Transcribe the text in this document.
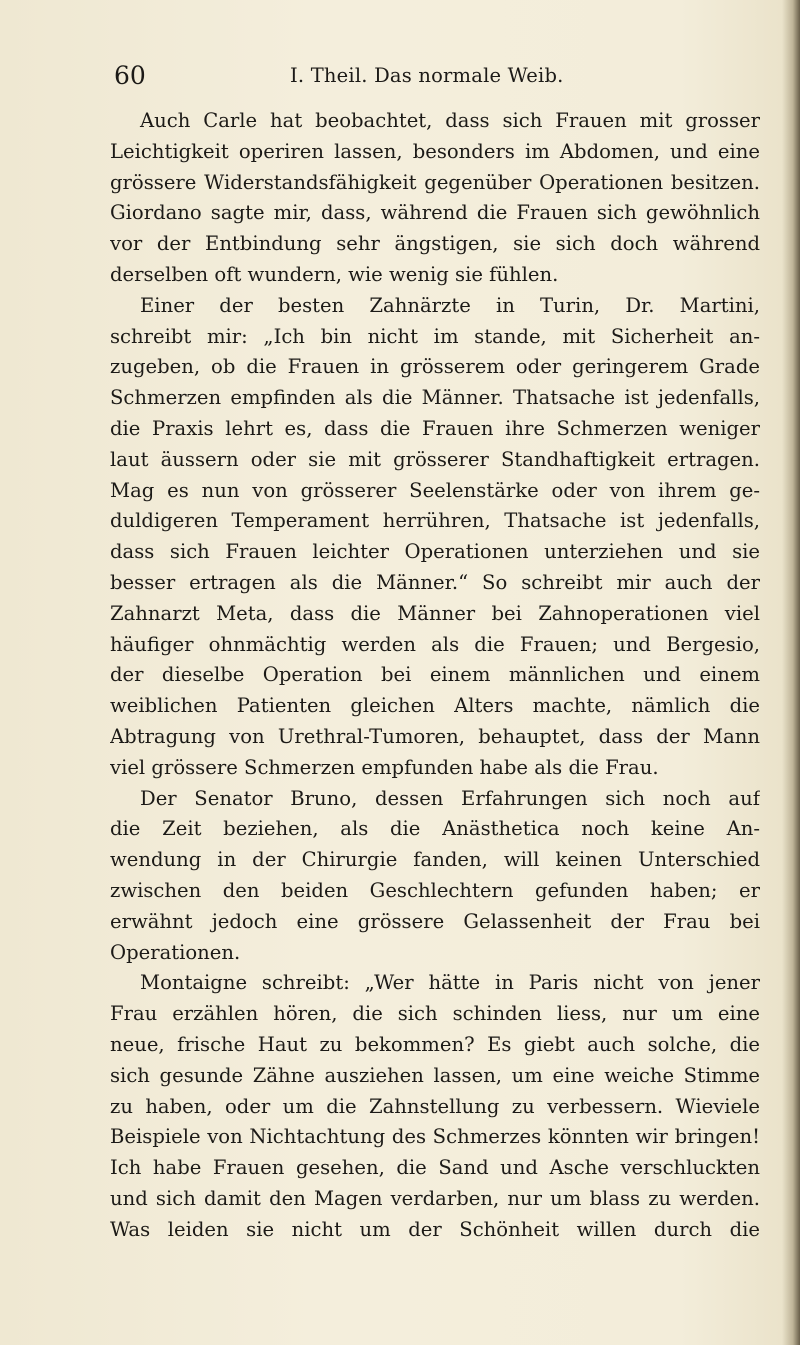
60	I. Theil. Das normale Weib.
Auch Carle hat beobachtet, dass sich Frauen mit grosser
Leichtigkeit operiren lassen, besonders im Abdomen, und eine
grössere Widerstandsfähigkeit gegenüber Operationen besitzen.
Giordano sagte mir, dass, während die Frauen sich gewöhnlich
vor der Entbindung sehr ängstigen, sie sich doch während
derselben oft wundern, wie wenig sie fühlen.
Einer der besten Zahnärzte in Turin, Dr. Martini,
schreibt mir: „Ich bin nicht im stande, mit Sicherheit an-
zugeben, ob die Frauen in grösserem oder geringerem Grade
Schmerzen empfinden als die Männer. Thatsache ist jedenfalls,
die Praxis lehrt es, dass die Frauen ihre Schmerzen weniger
laut äussern oder sie mit grösserer Standhaftigkeit ertragen.
Mag es nun von grösserer Seelenstärke oder von ihrem ge-
duldigeren Temperament herrühren, Thatsache ist jedenfalls,
dass sich Frauen leichter Operationen unterziehen und sie
besser ertragen als die Männer.“ So schreibt mir auch der
Zahnarzt Meta, dass die Männer bei Zahnoperationen viel
häufiger ohnmächtig werden als die Frauen; und Bergesio,
der dieselbe Operation bei einem männlichen und einem
weiblichen Patienten gleichen Alters machte, nämlich die
Abtragung von Urethral-Tumoren, behauptet, dass der Mann
viel grössere Schmerzen empfunden habe als die Frau.
Der Senator Bruno, dessen Erfahrungen sich noch auf
die Zeit beziehen, als die Anästhetica noch keine An-
wendung in der Chirurgie fanden, will keinen Unterschied
zwischen den beiden Geschlechtern gefunden haben; er
erwähnt jedoch eine grössere Gelassenheit der Frau bei
Operationen.
Montaigne schreibt: „Wer hätte in Paris nicht von jener
Frau erzählen hören, die sich schinden liess, nur um eine
neue, frische Haut zu bekommen? Es giebt auch solche, die
sich gesunde Zähne ausziehen lassen, um eine weiche Stimme
zu haben, oder um die Zahnstellung zu verbessern. Wieviele
Beispiele von Nichtachtung des Schmerzes könnten wir bringen!
Ich habe Frauen gesehen, die Sand und Asche verschluckten
und sich damit den Magen verdarben, nur um blass zu werden.
Was leiden sie nicht um der Schönheit willen durch die
